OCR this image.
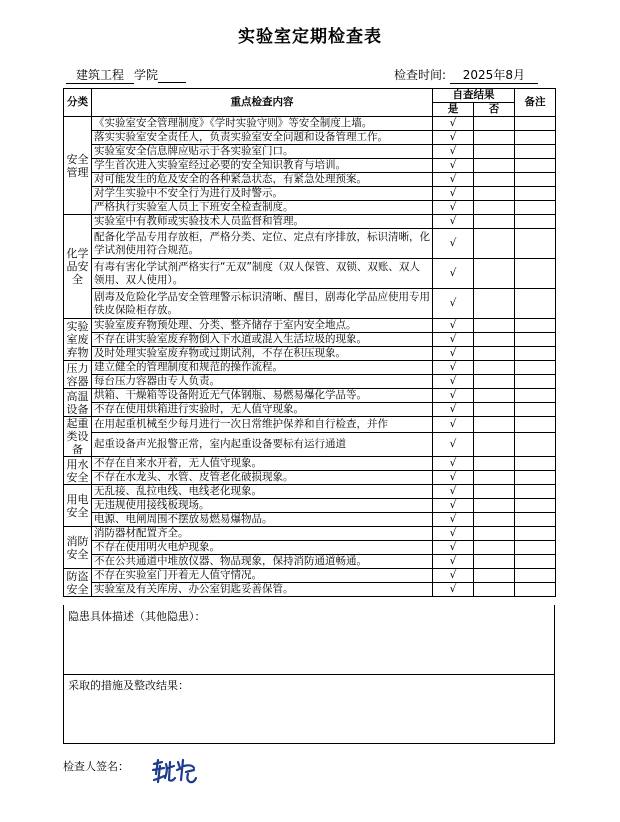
实验室定期检查表
建筑工程 学院	检查时间: 2025年8月
分类	重点检查内容	自查结果		备注
		是	否	
安全管理	《实验室安全管理制度》《学时实验守则》等安全制度上墙。	√		
	落实实验室安全责任人，负责实验室安全问题和设备管理工作。	√		
	实验室安全信息牌应贴示于各实验室门口。	√		
	学生首次进入实验室经过必要的安全知识教育与培训。	√		
	对可能发生的危及安全的各种紧急状态，有紧急处理预案。	√		
	对学生实验中不安全行为进行及时警示。	√		
	严格执行实验室人员上下班安全检查制度。	√		
化学品安全	实验室中有教师或实验技术人员监督和管理。	√		
	配备化学品专用存放柜，严格分类、定位、定点有序排放，标识清晰，化学试剂使用符合规范。	√		
	有毒有害化学试剂严格实行“无双”制度（双人保管、双锁、双账、双人领用、双人使用）。	√		
	剧毒及危险化学品安全管理警示标识清晰、醒目，剧毒化学品应使用专用铁皮保险柜存放。	√		
实验室废弃物	实验室废弃物预处理、分类、整齐储存于室内安全地点。	√		
	不存在讲实验室废弃物倒入下水道或混入生活垃圾的现象。	√		
	及时处理实验室废弃物或过期试剂，不存在积压现象。	√		
压力容器	建立健全的管理制度和规范的操作流程。	√		
	每台压力容器由专人负责。	√		
高温设备	烘箱、干燥箱等设备附近无气体钢瓶、易燃易爆化学品等。	√		
	不存在使用烘箱进行实验时，无人值守现象。	√		
起重类设备	在用起重机械至少每月进行一次日常维护保养和自行检查，并作	√		
	起重设备声光报警正常，室内起重设备要标有运行通道	√		
用水安全	不存在自来水开着，无人值守现象。	√		
	不存在水龙头、水管、皮管老化破损现象。	√		
用电安全	无乱接、乱拉电线、电线老化现象。	√		
	无违规使用接线板现场。	√		
	电源、电闸周围不摆放易燃易爆物品。	√		
消防安全	消防器材配置齐全。	√		
	不存在使用明火电炉现象。	√		
	不在公共通道中堆放仪器、物品现象，保持消防通道畅通。	√		
防盗安全	不存在实验室门开着无人值守情况。	√		
	实验室及有关库房、办公室钥匙妥善保管。	√		
隐患具体描述（其他隐患）：
采取的措施及整改结果：
检查人签名：
